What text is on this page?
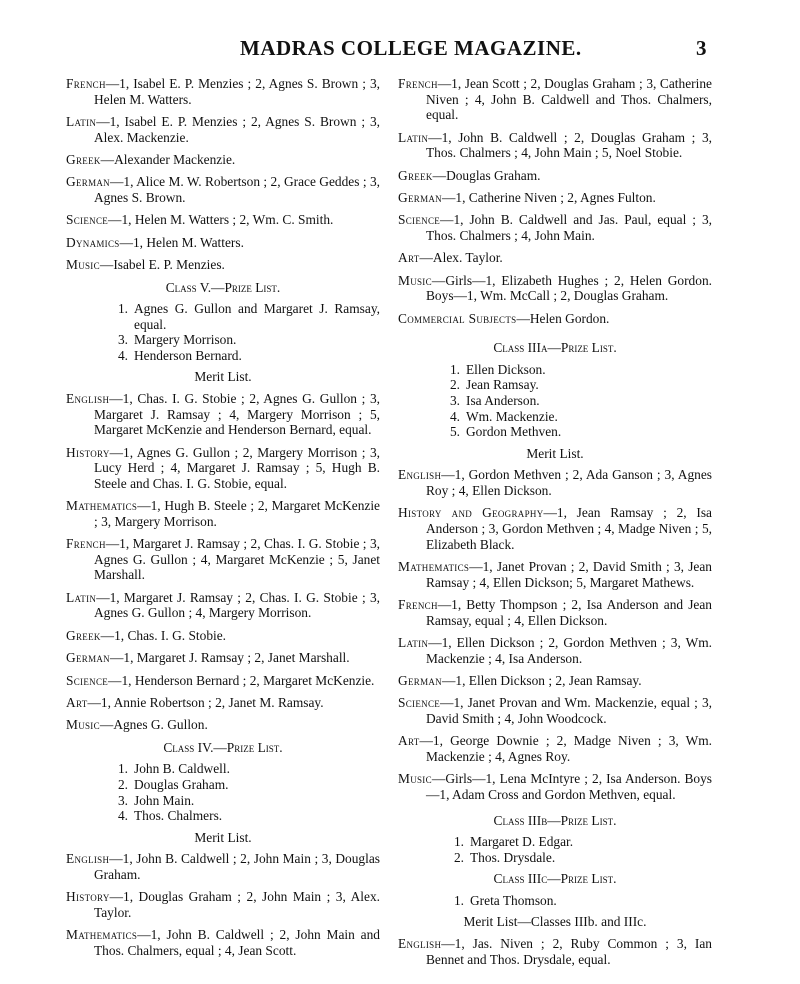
MADRAS COLLEGE MAGAZINE.	3
French—1, Isabel E. P. Menzies ; 2, Agnes S. Brown ; 3, Helen M. Watters.
Latin—1, Isabel E. P. Menzies ; 2, Agnes S. Brown ; 3, Alex. Mackenzie.
Greek—Alexander Mackenzie.
German—1, Alice M. W. Robertson ; 2, Grace Geddes ; 3, Agnes S. Brown.
Science—1, Helen M. Watters ; 2, Wm. C. Smith.
Dynamics—1, Helen M. Watters.
Music—Isabel E. P. Menzies.
Class V.—Prize List.
1. Agnes G. Gullon and Margaret J. Ramsay, equal.
3. Margery Morrison.
4. Henderson Bernard.
Merit List.
English—1, Chas. I. G. Stobie ; 2, Agnes G. Gullon ; 3, Margaret J. Ramsay ; 4, Margery Morrison ; 5, Margaret McKenzie and Henderson Bernard, equal.
History—1, Agnes G. Gullon ; 2, Margery Morrison ; 3, Lucy Herd ; 4, Margaret J. Ramsay ; 5, Hugh B. Steele and Chas. I. G. Stobie, equal.
Mathematics—1, Hugh B. Steele ; 2, Margaret McKenzie ; 3, Margery Morrison.
French—1, Margaret J. Ramsay ; 2, Chas. I. G. Stobie ; 3, Agnes G. Gullon ; 4, Margaret McKenzie ; 5, Janet Marshall.
Latin—1, Margaret J. Ramsay ; 2, Chas. I. G. Stobie ; 3, Agnes G. Gullon ; 4, Margery Morrison.
Greek—1, Chas. I. G. Stobie.
German—1, Margaret J. Ramsay ; 2, Janet Marshall.
Science—1, Henderson Bernard ; 2, Margaret McKenzie.
Art—1, Annie Robertson ; 2, Janet M. Ramsay.
Music—Agnes G. Gullon.
Class IV.—Prize List.
1. John B. Caldwell.
2. Douglas Graham.
3. John Main.
4. Thos. Chalmers.
Merit List.
English—1, John B. Caldwell ; 2, John Main ; 3, Douglas Graham.
History—1, Douglas Graham ; 2, John Main ; 3, Alex. Taylor.
Mathematics—1, John B. Caldwell ; 2, John Main and Thos. Chalmers, equal ; 4, Jean Scott.
French—1, Jean Scott ; 2, Douglas Graham ; 3, Catherine Niven ; 4, John B. Caldwell and Thos. Chalmers, equal.
Latin—1, John B. Caldwell ; 2, Douglas Graham ; 3, Thos. Chalmers ; 4, John Main ; 5, Noel Stobie.
Greek—Douglas Graham.
German—1, Catherine Niven ; 2, Agnes Fulton.
Science—1, John B. Caldwell and Jas. Paul, equal ; 3, Thos. Chalmers ; 4, John Main.
Art—Alex. Taylor.
Music—Girls—1, Elizabeth Hughes ; 2, Helen Gordon. Boys—1, Wm. McCall ; 2, Douglas Graham.
Commercial Subjects—Helen Gordon.
Class IIIa—Prize List.
1. Ellen Dickson.
2. Jean Ramsay.
3. Isa Anderson.
4. Wm. Mackenzie.
5. Gordon Methven.
Merit List.
English—1, Gordon Methven ; 2, Ada Ganson ; 3, Agnes Roy ; 4, Ellen Dickson.
History and Geography—1, Jean Ramsay ; 2, Isa Anderson ; 3, Gordon Methven ; 4, Madge Niven ; 5, Elizabeth Black.
Mathematics—1, Janet Provan ; 2, David Smith ; 3, Jean Ramsay ; 4, Ellen Dickson; 5, Margaret Mathews.
French—1, Betty Thompson ; 2, Isa Anderson and Jean Ramsay, equal ; 4, Ellen Dickson.
Latin—1, Ellen Dickson ; 2, Gordon Methven ; 3, Wm. Mackenzie ; 4, Isa Anderson.
German—1, Ellen Dickson ; 2, Jean Ramsay.
Science—1, Janet Provan and Wm. Mackenzie, equal ; 3, David Smith ; 4, John Woodcock.
Art—1, George Downie ; 2, Madge Niven ; 3, Wm. Mackenzie ; 4, Agnes Roy.
Music—Girls—1, Lena McIntyre ; 2, Isa Anderson. Boys—1, Adam Cross and Gordon Methven, equal.
Class IIIb—Prize List.
1. Margaret D. Edgar.
2. Thos. Drysdale.
Class IIIc—Prize List.
1. Greta Thomson.
Merit List—Classes IIIb. and IIIc.
English—1, Jas. Niven ; 2, Ruby Common ; 3, Ian Bennet and Thos. Drysdale, equal.
